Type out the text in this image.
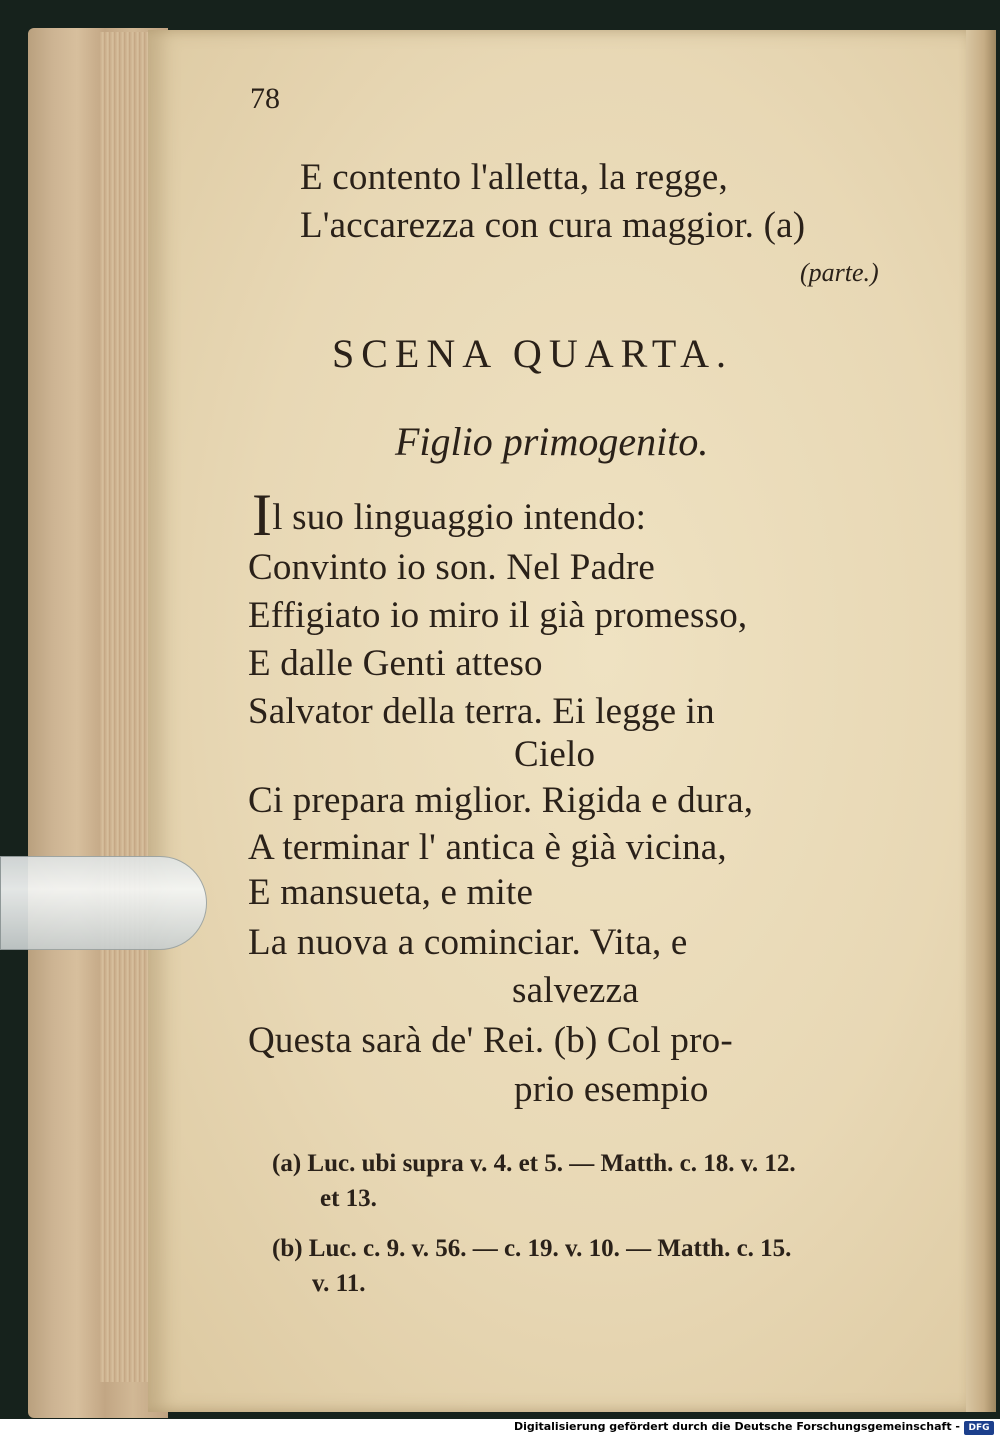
78
E contento l'alletta, la regge,
L'accarezza con cura maggior. (a)
(parte.)
SCENA QUARTA.
Figlio primogenito.
Il suo linguaggio intendo:
Convinto io son. Nel Padre
Effigiato io miro il già promesso,
E dalle Genti atteso
Salvator della terra. Ei legge in
Cielo
Ci prepara miglior. Rigida e dura,
A terminar l' antica è già vicina,
E mansueta, e mite
La nuova a cominciar. Vita, e
salvezza
Questa sarà de' Rei. (b) Col pro-
prio esempio
(a) Luc. ubi supra v. 4. et 5. — Matth. c. 18. v. 12.
et 13.
(b) Luc. c. 9. v. 56. — c. 19. v. 10. — Matth. c. 15.
v. 11.
Digitalisierung gefördert durch die Deutsche Forschungsgemeinschaft - DFG
